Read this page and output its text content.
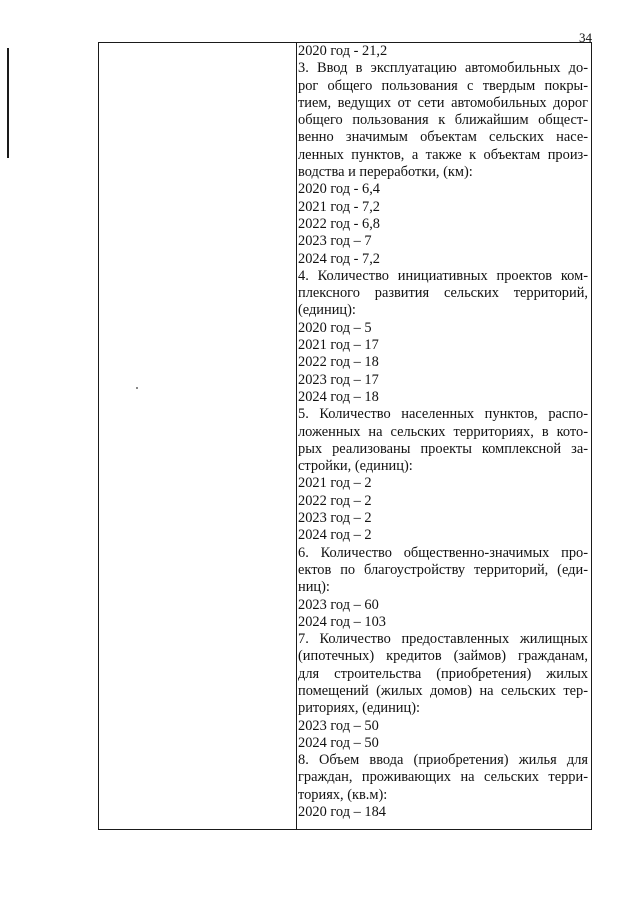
34
2020 год - 21,2
3. Ввод в эксплуатацию автомобильных до-
рог общего пользования с твердым покры-
тием, ведущих от сети автомобильных дорог
общего пользования к ближайшим общест-
венно значимым объектам сельских насе-
ленных пунктов, а также к объектам произ-
водства и переработки, (км):
2020 год - 6,4
2021 год - 7,2
2022 год - 6,8
2023 год – 7
2024 год - 7,2
4. Количество инициативных проектов ком-
плексного развития сельских территорий,
(единиц):
2020 год – 5
2021 год – 17
2022 год – 18
2023 год – 17
2024 год – 18
5. Количество населенных пунктов, распо-
ложенных на сельских территориях, в кото-
рых реализованы проекты комплексной за-
стройки, (единиц):
2021 год – 2
2022 год – 2
2023 год – 2
2024 год – 2
6. Количество общественно-значимых про-
ектов по благоустройству территорий, (еди-
ниц):
2023 год – 60
2024 год – 103
7. Количество предоставленных жилищных
(ипотечных) кредитов (займов) гражданам,
для строительства (приобретения) жилых
помещений (жилых домов) на сельских тер-
риториях, (единиц):
2023 год – 50
2024 год – 50
8. Объем ввода (приобретения) жилья для
граждан, проживающих на сельских терри-
ториях, (кв.м):
2020 год – 184
